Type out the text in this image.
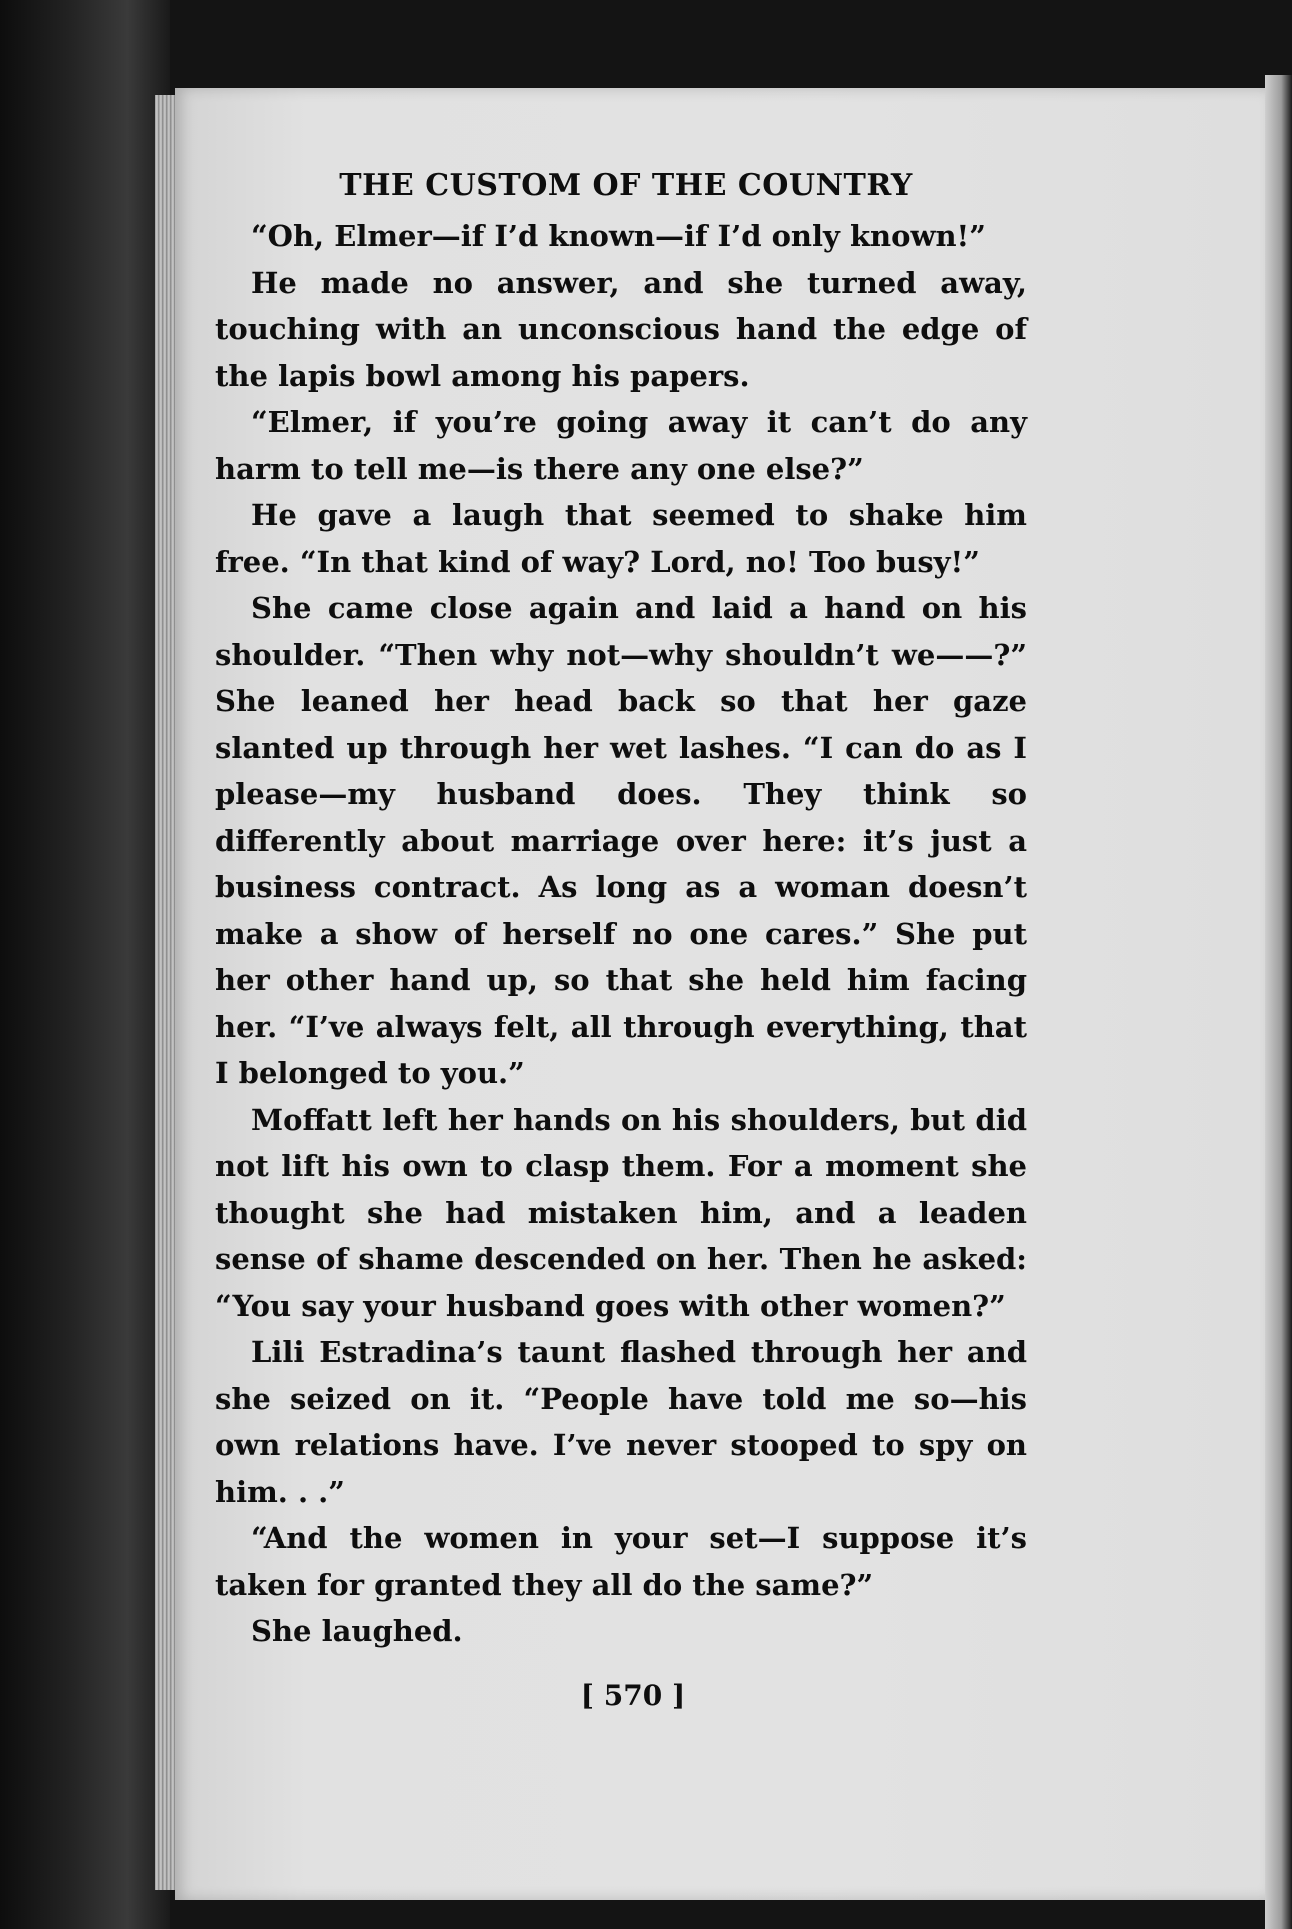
THE CUSTOM OF THE COUNTRY

“Oh, Elmer—if I’d known—if I’d only known!”

He made no answer, and she turned away, touching with an unconscious hand the edge of the lapis bowl among his papers.

“Elmer, if you’re going away it can’t do any harm to tell me—is there any one else?”

He gave a laugh that seemed to shake him free. “In that kind of way? Lord, no! Too busy!”

She came close again and laid a hand on his shoulder. “Then why not—why shouldn’t we——?” She leaned her head back so that her gaze slanted up through her wet lashes. “I can do as I please—my husband does. They think so differently about marriage over here: it’s just a business contract. As long as a woman doesn’t make a show of herself no one cares.” She put her other hand up, so that she held him facing her. “I’ve always felt, all through everything, that I belonged to you.”

Moffatt left her hands on his shoulders, but did not lift his own to clasp them. For a moment she thought she had mistaken him, and a leaden sense of shame descended on her. Then he asked: “You say your husband goes with other women?”

Lili Estradina’s taunt flashed through her and she seized on it. “People have told me so—his own relations have. I’ve never stooped to spy on him. . .”

“And the women in your set—I suppose it’s taken for granted they all do the same?”

She laughed.

[ 570 ]
